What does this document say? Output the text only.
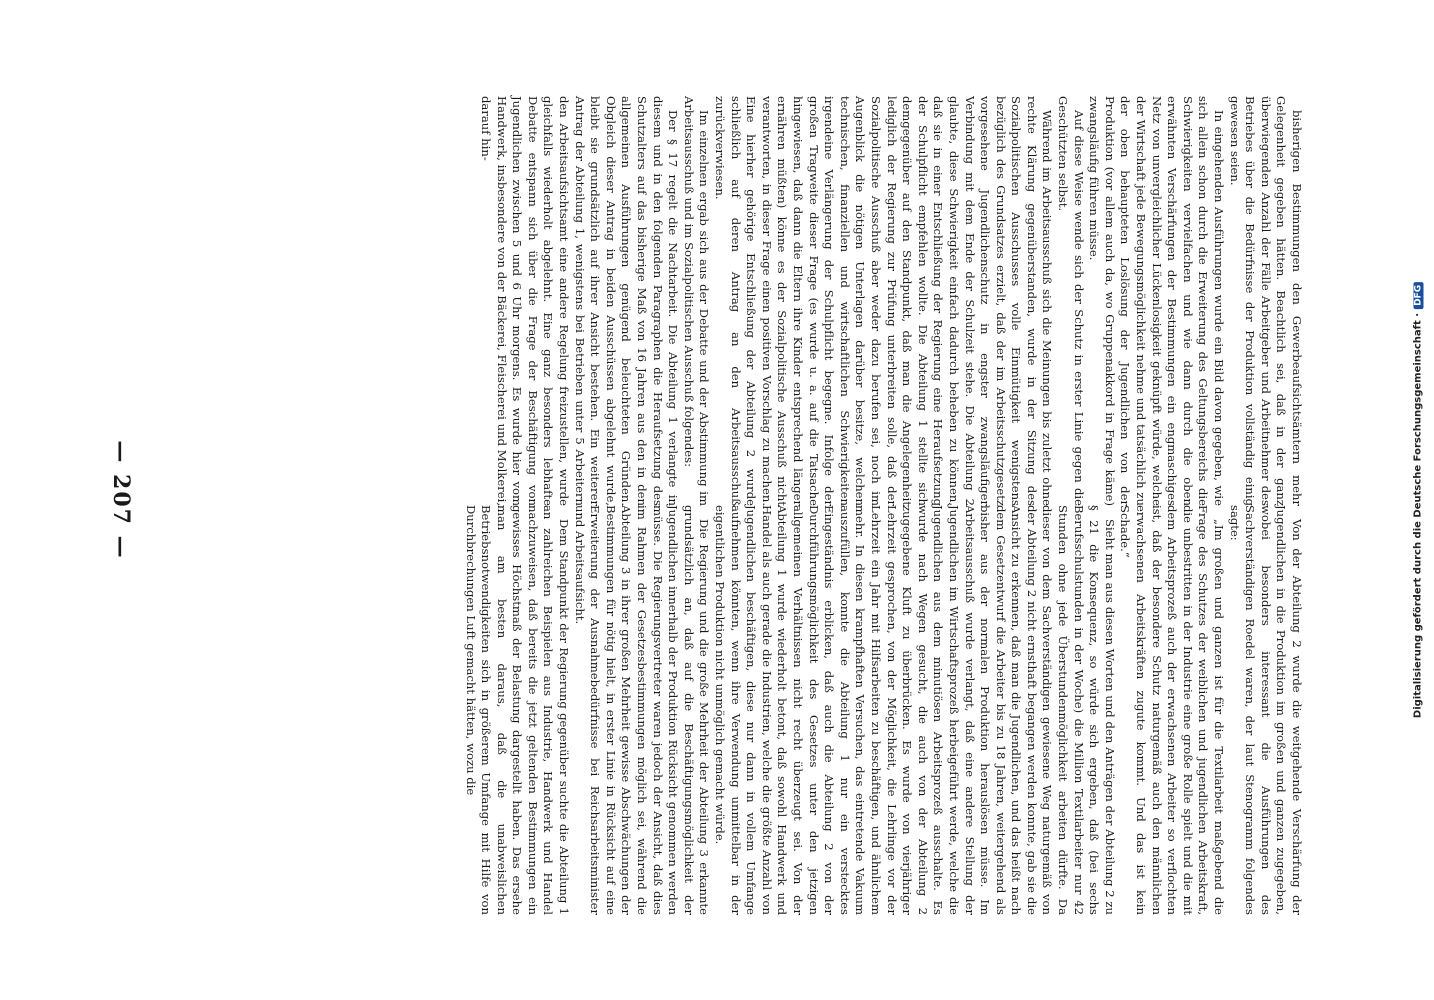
— 207 —

Von der Abteilung 2 wurde die weitgehende Verschärfung der Jugendlichen in die Produktion im großen und ganzen zugegeben, wobei besonders interessant die Ausführungen des Sachverständigen Roedel waren, der laut Stenogramm folgendes sagte:

„Im großen und ganzen ist für die Textilarbeit maßgebend die Frage des Schutzes der weiblichen und jugendlichen Arbeitskraft, die unbestritten in der Industrie eine große Rolle spielt und die mit dem Arbeitsprozeß auch der erwachsenen Arbeiter so verflochten ist, daß der besondere Schutz naturgemäß auch den männlichen erwachsenen Arbeitskräften zugute kommt. Und das ist kein Schade.“

Sieht man aus diesen Worten und den Anträgen der Abteilung 2 zu § 21 die Konsequenz, so würde sich ergeben, daß (bei sechs Berufsschulstunden in der Woche) die Million Textilarbeiter nur 42 Stunden ohne jede Überstundenmöglichkeit arbeiten dürfte. Da dieser von dem Sachverständigen gewiesene Weg naturgemäß von der Abteilung 2 nicht ernsthaft begangen werden konnte, gab sie die Ansicht zu erkennen, daß man die Jugendlichen, und das heißt nach dem Gesetzentwurf die Arbeiter bis zu 18 Jahren, weitergehend als bisher aus der normalen Produktion herauslösen müsse. Im Arbeitsausschuß wurde verlangt, daß eine andere Stellung der Jugendlichen im Wirtschaftsprozeß herbeigeführt werde, welche die Jugendlichen aus dem minutiösen Arbeitsprozeß ausschalte. Es wurde nach Wegen gesucht, die auch von der Abteilung 2 zugegebene Kluft zu überbrücken. Es wurde von vierjähriger Lehrzeit gesprochen, von der Möglichkeit, die Lehrlinge vor der Lehrzeit ein Jahr mit Hilfsarbeiten zu beschäftigen, und ähnlichem mehr. In diesen krampfhaften Versuchen, das eintretende Vakuum auszufüllen, konnte die Abteilung 1 nur ein verstecktes Eingeständnis erblicken, daß auch die Abteilung 2 von der Durchführungsmöglichkeit des Gesetzes unter den jetzigen allgemeinen Verhältnissen nicht recht überzeugt sei. Von der Abteilung 1 wurde wiederholt betont, daß sowohl Handwerk und Handel als auch gerade die Industrien, welche die größte Anzahl von Jugendlichen beschäftigen, diese nur dann in vollem Umfange aufnehmen könnten, wenn ihre Verwendung unmittelbar in der eigentlichen Produktion nicht unmöglich gemacht würde.

Die Regierung und die große Mehrheit der Abteilung 3 erkannte grundsätzlich an, daß auf die Beschäftigungsmöglichkeit der Jugendlichen innerhalb der Produktion Rücksicht genommen werden müsse. Die Regierungsvertreter waren jedoch der Ansicht, daß dies im Rahmen der Gesetzesbestimmungen möglich sei, während die Abteilung 3 in ihrer großen Mehrheit gewisse Abschwächungen der Bestimmungen für nötig hielt, in erster Linie in Rücksicht auf eine Erweiterung der Ausnahmebedürfnisse bei Reichsarbeitsminister und Arbeitsaufsicht.

Dem Standpunkt der Regierung gegenüber suchte die Abteilung 1 an zahlreichen Beispielen aus Industrie, Handwerk und Handel nachzuweisen, daß bereits die jetzt geltenden Bestimmungen ein gewisses Höchstmaß der Belastung dargestellt haben. Das ersehe man am besten daraus, daß die unabweislichen Betriebsnotwendigkeiten sich in größerem Umfange mit Hilfe von Durchbrechungen Luft gemacht hätten, wozu die

bisherigen Bestimmungen den Gewerbeaufsichtsämtern mehr Gelegenheit gegeben hätten. Beachtlich sei, daß in der ganz überwiegenden Anzahl der Fälle Arbeitgeber und Arbeitnehmer des Betriebes über die Bedürfnisse der Produktion vollständig einig gewesen seien.

In eingehenden Ausführungen wurde ein Bild davon gegeben, wie sich allein schon durch die Erweiterung des Geltungsbereichs die Schwierigkeiten vervielfachen und wie dann durch die oben erwähnten Verschärfungen der Bestimmungen ein engmaschiges Netz von unvergleichlicher Lückenlosigkeit geknüpft würde, welche der Wirtschaft jede Bewegungsmöglichkeit nehme und tatsächlich zu der oben behaupteten Loslösung der Jugendlichen von der Produktion (vor allem auch da, wo Gruppenakkord in Frage käme) zwangsläufig führen müsse.

Auf diese Weise wende sich der Schutz in erster Linie gegen die Geschützten selbst.

Während im Arbeitsausschuß sich die Meinungen bis zuletzt ohne rechte Klärung gegenüberstanden, wurde in der Sitzung des Sozialpolitischen Ausschusses volle Einmütigkeit wenigstens bezüglich des Grundsatzes erzielt, daß der im Arbeitsschutzgesetz vorgesehene Jugendlichenschutz in engster zwangsläufiger Verbindung mit dem Ende der Schulzeit stehe. Die Abteilung 2 glaubte, diese Schwierigkeit einfach dadurch beheben zu können, daß sie in einer Entschließung der Regierung eine Heraufsetzung der Schulpflicht empfehlen wollte. Die Abteilung 1 stellte sich demgegenüber auf den Standpunkt, daß man die Angelegenheit lediglich der Regierung zur Prüfung unterbreiten solle, daß der Sozialpolitische Ausschuß aber weder dazu berufen sei, noch im Augenblick die nötigen Unterlagen darüber besitze, welchen technischen, finanziellen und wirtschaftlichen Schwierigkeiten irgendeine Verlängerung der Schulpflicht begegne. Infolge der großen Tragweite dieser Frage (es wurde u. a. auf die Tatsache hingewiesen, daß dann die Eltern ihre Kinder entsprechend länger ernähren müßten) könne es der Sozialpolitische Ausschuß nicht verantworten, in dieser Frage einen positiven Vorschlag zu machen. Eine hierher gehörige Entschließung der Abteilung 2 wurde schließlich auf deren Antrag an den Arbeitsausschuß zurückverwiesen.

Im einzelnen ergab sich aus der Debatte und der Abstimmung im Arbeitsausschuß und im Sozialpolitischen Ausschuß folgendes:

Der § 17 regelt die Nachtarbeit. Die Abteilung 1 verlangte in diesem und in den folgenden Paragraphen die Heraufsetzung des Schutzalters auf das bisherige Maß von 16 Jahren aus den in den allgemeinen Ausführungen genügend beleuchteten Gründen. Obgleich dieser Antrag in beiden Ausschüssen abgelehnt wurde, bleibt sie grundsätzlich auf ihrer Ansicht bestehen. Ein weiterer Antrag der Abteilung 1, wenigstens bei Betrieben unter 5 Arbeitern den Arbeitsaufsichtsamt eine andere Regelung freizustellen, wurde gleichfalls wiederholt abgelehnt. Eine ganz besonders lebhafte Debatte entspann sich über die Frage der Beschäftigung von Jugendlichen zwischen 5 und 6 Uhr morgens. Es wurde hier vom Handwerk, insbesondere von der Bäckerei, Fleischerei und Molkerei, darauf hin-

Digitalisierung gefördert durch die Deutsche Forschungsgemeinschaft ·DFG
